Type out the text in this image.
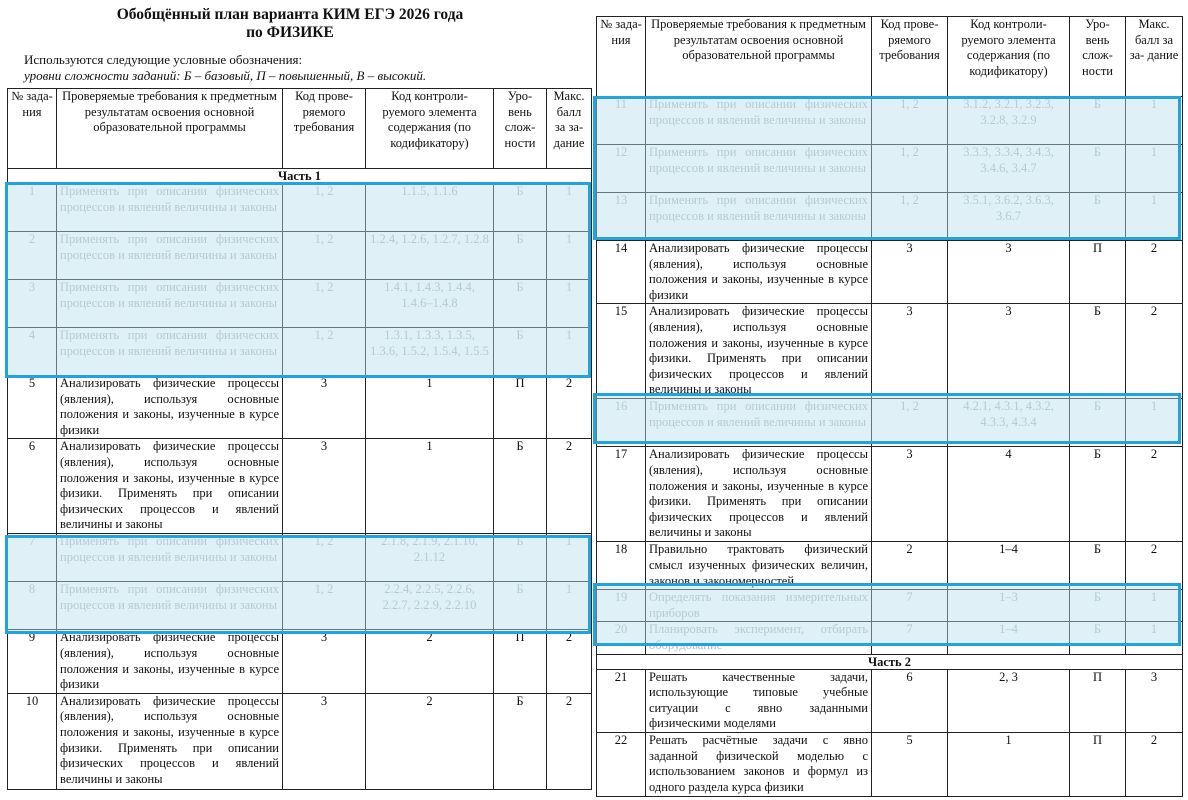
Обобщённый план варианта КИМ ЕГЭ 2026 года
по ФИЗИКЕ
Используются следующие условные обозначения:
уровни сложности заданий: Б – базовый, П – повышенный, В – высокий.
№ зада- ния	Проверяемые требования к предметным результатам освоения основной образовательной программы	Код прове- ряемого требования	Код контроли- руемого элемента содержания (по кодификатору)	Уро- вень слож- ности	Макс. балл за за- дание
Часть 1					
1	Применять при описании физических процессов и явлений величины и законы	1, 2	1.1.5, 1.1.6	Б	1
2	Применять при описании физических процессов и явлений величины и законы	1, 2	1.2.4, 1.2.6, 1.2.7, 1.2.8	Б	1
3	Применять при описании физических процессов и явлений величины и законы	1, 2	1.4.1, 1.4.3, 1.4.4, 1.4.6–1.4.8	Б	1
4	Применять при описании физических процессов и явлений величины и законы	1, 2	1.3.1, 1.3.3, 1.3.5, 1.3.6, 1.5.2, 1.5.4, 1.5.5	Б	1
5	Анализировать физические процессы (явления), используя основные положения и законы, изученные в курсе физики	3	1	П	2
6	Анализировать физические процессы (явления), используя основные положения и законы, изученные в курсе физики. Применять при описании физических процессов и явлений величины и законы	3	1	Б	2
7	Применять при описании физических процессов и явлений величины и законы	1, 2	2.1.8, 2.1.9, 2.1.10, 2.1.12	Б	1
8	Применять при описании физических процессов и явлений величины и законы	1, 2	2.2.4, 2.2.5, 2.2.6, 2.2.7, 2.2.9, 2.2.10	Б	1
9	Анализировать физические процессы (явления), используя основные положения и законы, изученные в курсе физики	3	2	П	2
10	Анализировать физические процессы (явления), используя основные положения и законы, изученные в курсе физики. Применять при описании физических процессов и явлений величины и законы	3	2	Б	2
№ зада- ния	Проверяемые требования к предметным результатам освоения основной образовательной программы	Код прове- ряемого требования	Код контроли- руемого элемента содержания (по кодификатору)	Уро- вень слож- ности	Макс. балл за за- дание
11	Применять при описании физических процессов и явлений величины и законы	1, 2	3.1.2, 3.2.1, 3.2.3, 3.2.8, 3.2.9	Б	1
12	Применять при описании физических процессов и явлений величины и законы	1, 2	3.3.3, 3.3.4, 3.4.3, 3.4.6, 3.4.7	Б	1
13	Применять при описании физических процессов и явлений величины и законы	1, 2	3.5.1, 3.6.2, 3.6.3, 3.6.7	Б	1
14	Анализировать физические процессы (явления), используя основные положения и законы, изученные в курсе физики	3	3	П	2
15	Анализировать физические процессы (явления), используя основные положения и законы, изученные в курсе физики. Применять при описании физических процессов и явлений величины и законы	3	3	Б	2
16	Применять при описании физических процессов и явлений величины и законы	1, 2	4.2.1, 4.3.1, 4.3.2, 4.3.3, 4.3.4	Б	1
17	Анализировать физические процессы (явления), используя основные положения и законы, изученные в курсе физики. Применять при описании физических процессов и явлений величины и законы	3	4	Б	2
18	Правильно трактовать физический смысл изученных физических величин, законов и закономерностей	2	1–4	Б	2
19	Определять показания измерительных приборов	7	1–3	Б	1
20	Планировать эксперимент, отбирать оборудование	7	1–4	Б	1
Часть 2					
21	Решать качественные задачи, использующие типовые учебные ситуации с явно заданными физическими моделями	6	2, 3	П	3
22	Решать расчётные задачи с явно заданной физической моделью с использованием законов и формул из одного раздела курса физики	5	1	П	2
